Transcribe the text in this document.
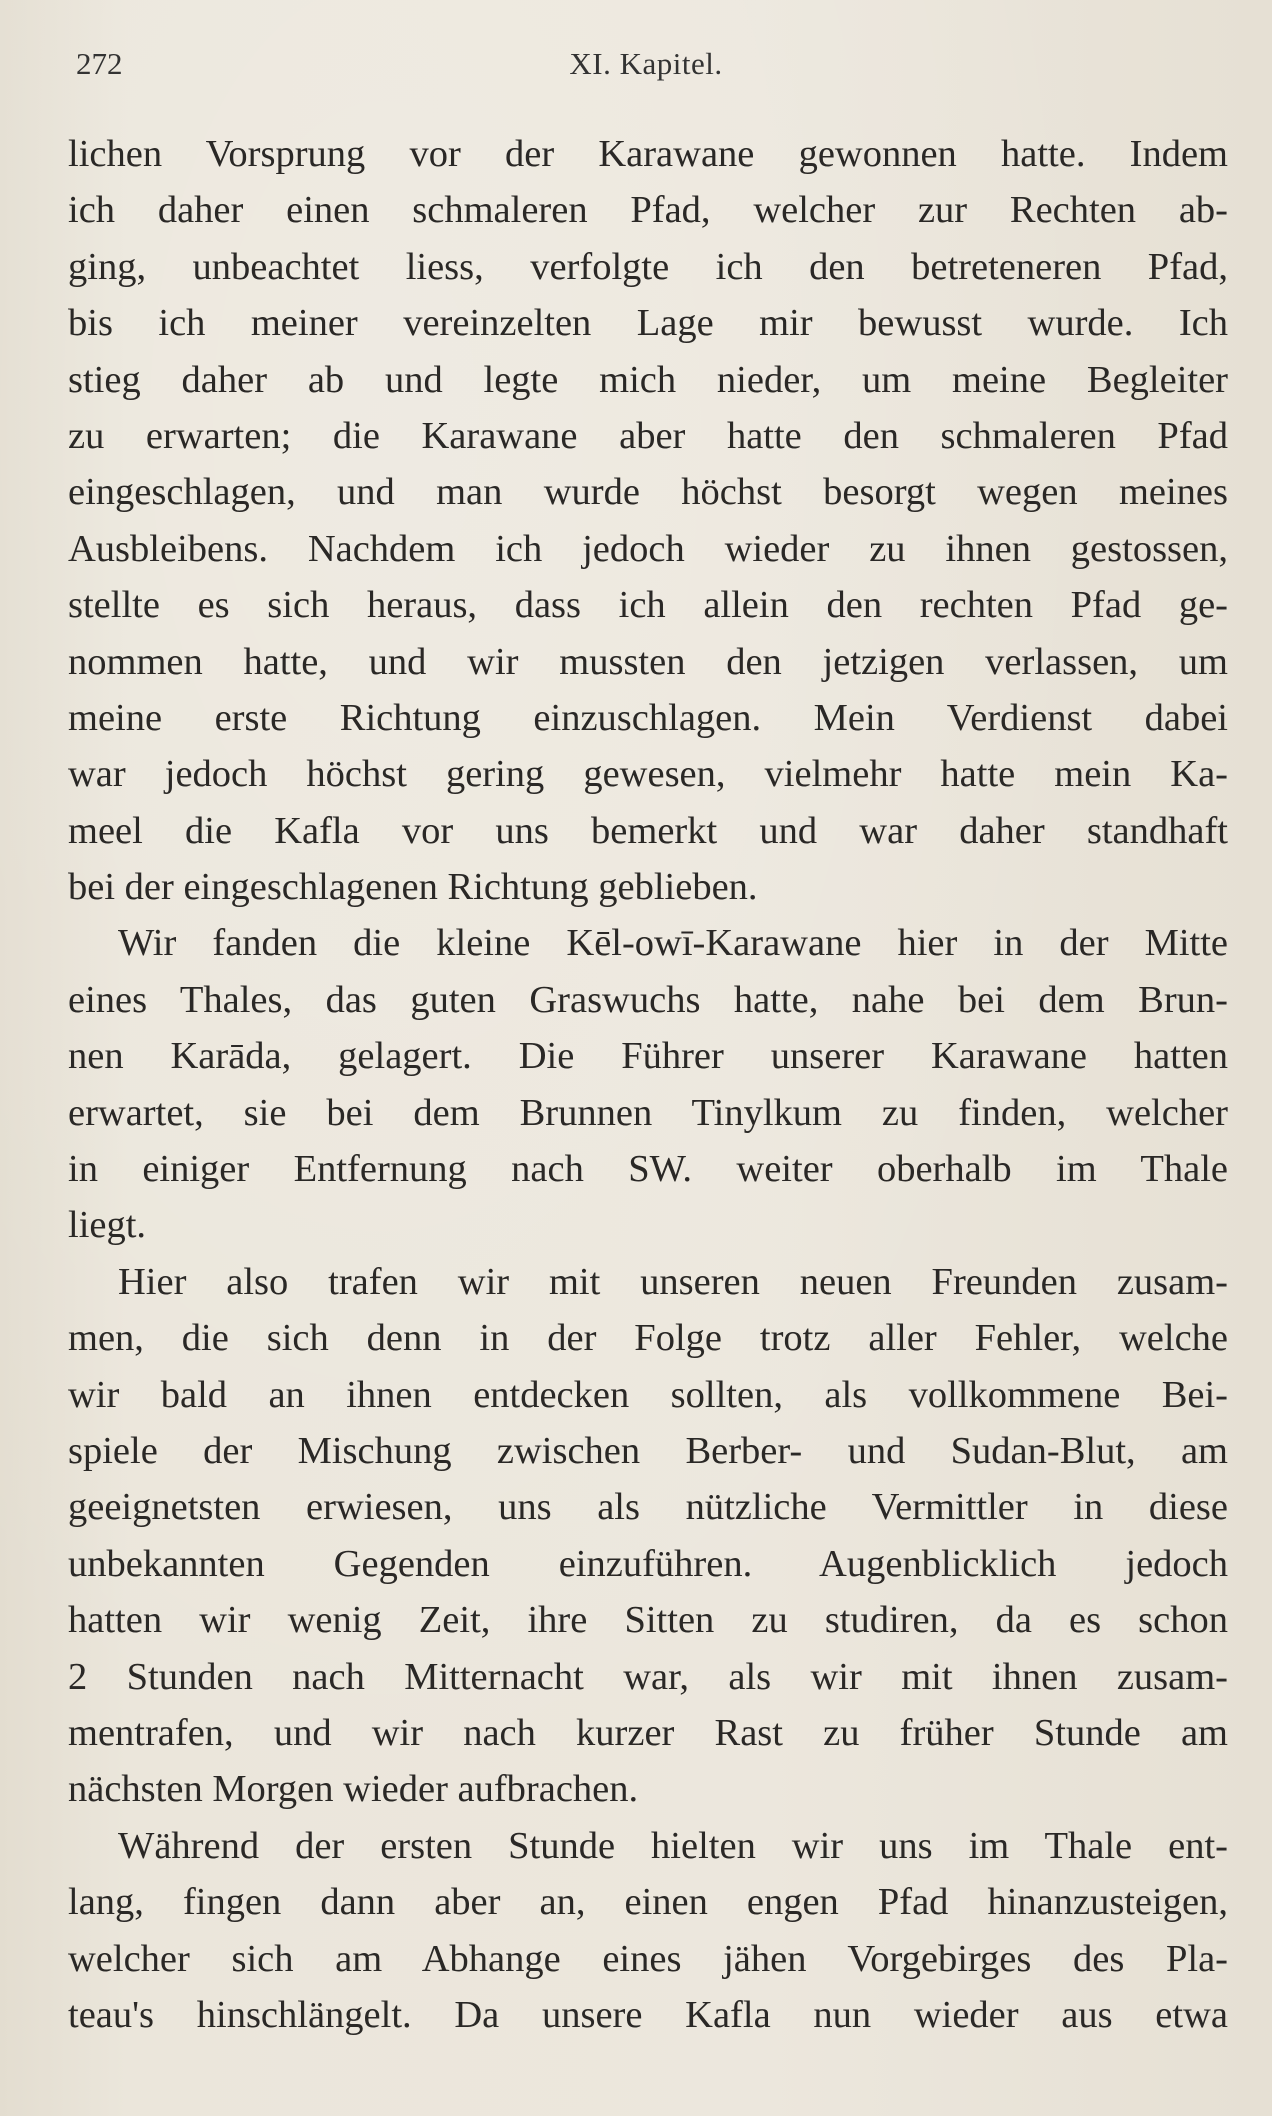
272	XI. Kapitel.
lichen Vorsprung vor der Karawane gewonnen hatte. Indem
ich daher einen schmaleren Pfad, welcher zur Rechten ab-
ging, unbeachtet liess, verfolgte ich den betreteneren Pfad,
bis ich meiner vereinzelten Lage mir bewusst wurde. Ich
stieg daher ab und legte mich nieder, um meine Begleiter
zu erwarten; die Karawane aber hatte den schmaleren Pfad
eingeschlagen, und man wurde höchst besorgt wegen meines
Ausbleibens. Nachdem ich jedoch wieder zu ihnen gestossen,
stellte es sich heraus, dass ich allein den rechten Pfad ge-
nommen hatte, und wir mussten den jetzigen verlassen, um
meine erste Richtung einzuschlagen. Mein Verdienst dabei
war jedoch höchst gering gewesen, vielmehr hatte mein Ka-
meel die Kafla vor uns bemerkt und war daher standhaft
bei der eingeschlagenen Richtung geblieben.
Wir fanden die kleine Kēl-owī-Karawane hier in der Mitte
eines Thales, das guten Graswuchs hatte, nahe bei dem Brun-
nen Karāda, gelagert. Die Führer unserer Karawane hatten
erwartet, sie bei dem Brunnen Tinylkum zu finden, welcher
in einiger Entfernung nach SW. weiter oberhalb im Thale
liegt.
Hier also trafen wir mit unseren neuen Freunden zusam-
men, die sich denn in der Folge trotz aller Fehler, welche
wir bald an ihnen entdecken sollten, als vollkommene Bei-
spiele der Mischung zwischen Berber- und Sudan-Blut, am
geeignetsten erwiesen, uns als nützliche Vermittler in diese
unbekannten Gegenden einzuführen. Augenblicklich jedoch
hatten wir wenig Zeit, ihre Sitten zu studiren, da es schon
2 Stunden nach Mitternacht war, als wir mit ihnen zusam-
mentrafen, und wir nach kurzer Rast zu früher Stunde am
nächsten Morgen wieder aufbrachen.
Während der ersten Stunde hielten wir uns im Thale ent-
lang, fingen dann aber an, einen engen Pfad hinanzusteigen,
welcher sich am Abhange eines jähen Vorgebirges des Pla-
teau's hinschlängelt. Da unsere Kafla nun wieder aus etwa
